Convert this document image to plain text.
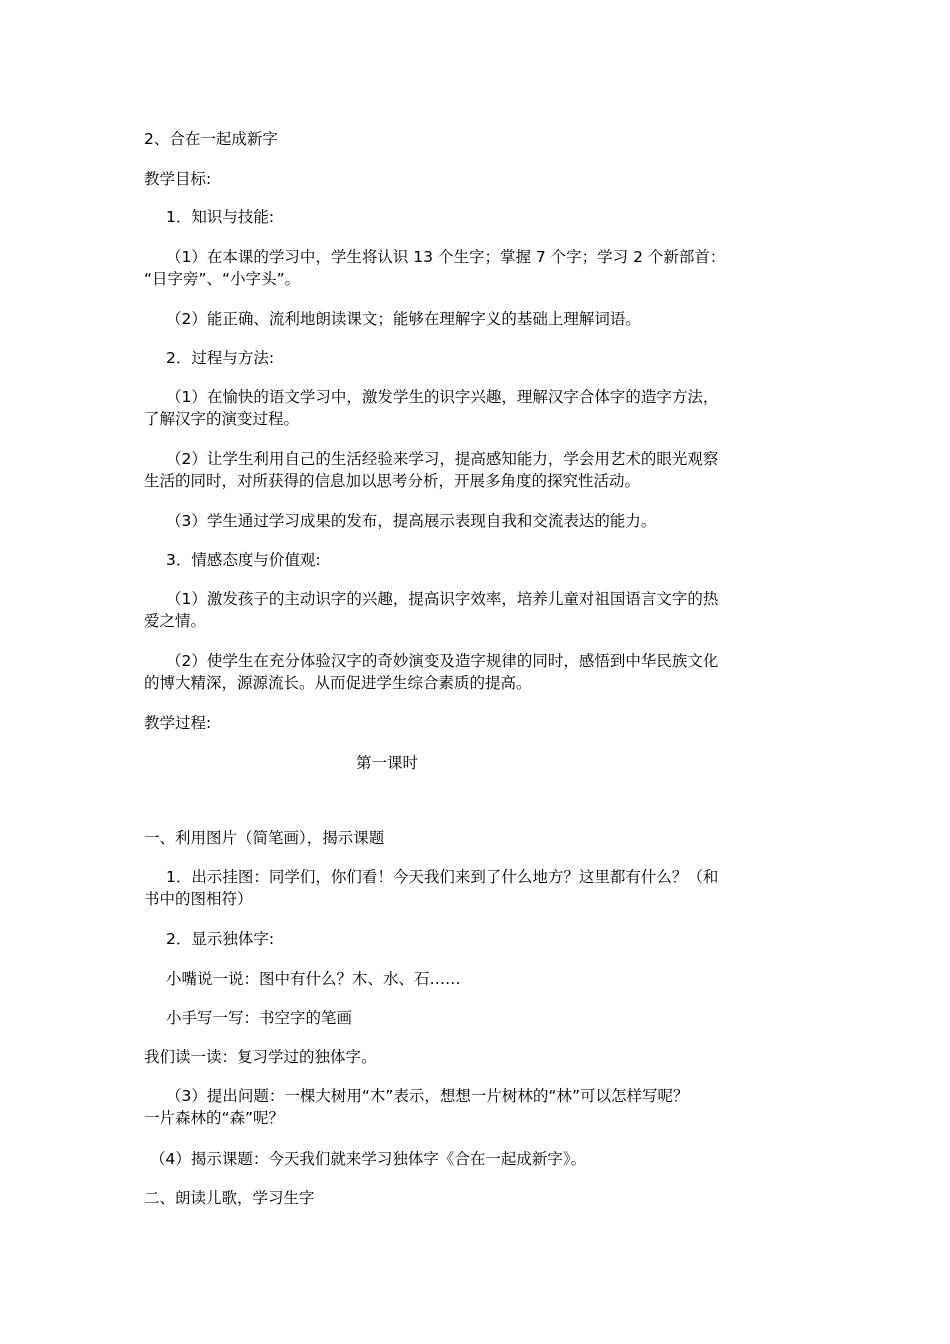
2、合在一起成新字

教学目标:

1．知识与技能:

（1）在本课的学习中，学生将认识 13 个生字；掌握 7 个字；学习 2 个新部首：

“日字旁”、“小字头”。

（2）能正确、流利地朗读课文；能够在理解字义的基础上理解词语。

2．过程与方法:

（1）在愉快的语文学习中，激发学生的识字兴趣，理解汉字合体字的造字方法，

了解汉字的演变过程。

（2）让学生利用自己的生活经验来学习，提高感知能力，学会用艺术的眼光观察

生活的同时，对所获得的信息加以思考分析，开展多角度的探究性活动。

（3）学生通过学习成果的发布，提高展示表现自我和交流表达的能力。

3．情感态度与价值观:

（1）激发孩子的主动识字的兴趣，提高识字效率，培养儿童对祖国语言文字的热

爱之情。

（2）使学生在充分体验汉字的奇妙演变及造字规律的同时，感悟到中华民族文化

的博大精深，源源流长。从而促进学生综合素质的提高。

教学过程:

第一课时

一、利用图片（简笔画），揭示课题

1．出示挂图：同学们，你们看！今天我们来到了什么地方？这里都有什么？（和

书中的图相符）

2．显示独体字:

小嘴说一说：图中有什么？木、水、石……

小手写一写：书空字的笔画

我们读一读：复习学过的独体字。

（3）提出问题：一棵大树用“木”表示，想想一片树林的“林”可以怎样写呢？

一片森林的“森”呢？

（4）揭示课题：今天我们就来学习独体字《合在一起成新字》。

二、朗读儿歌，学习生字
